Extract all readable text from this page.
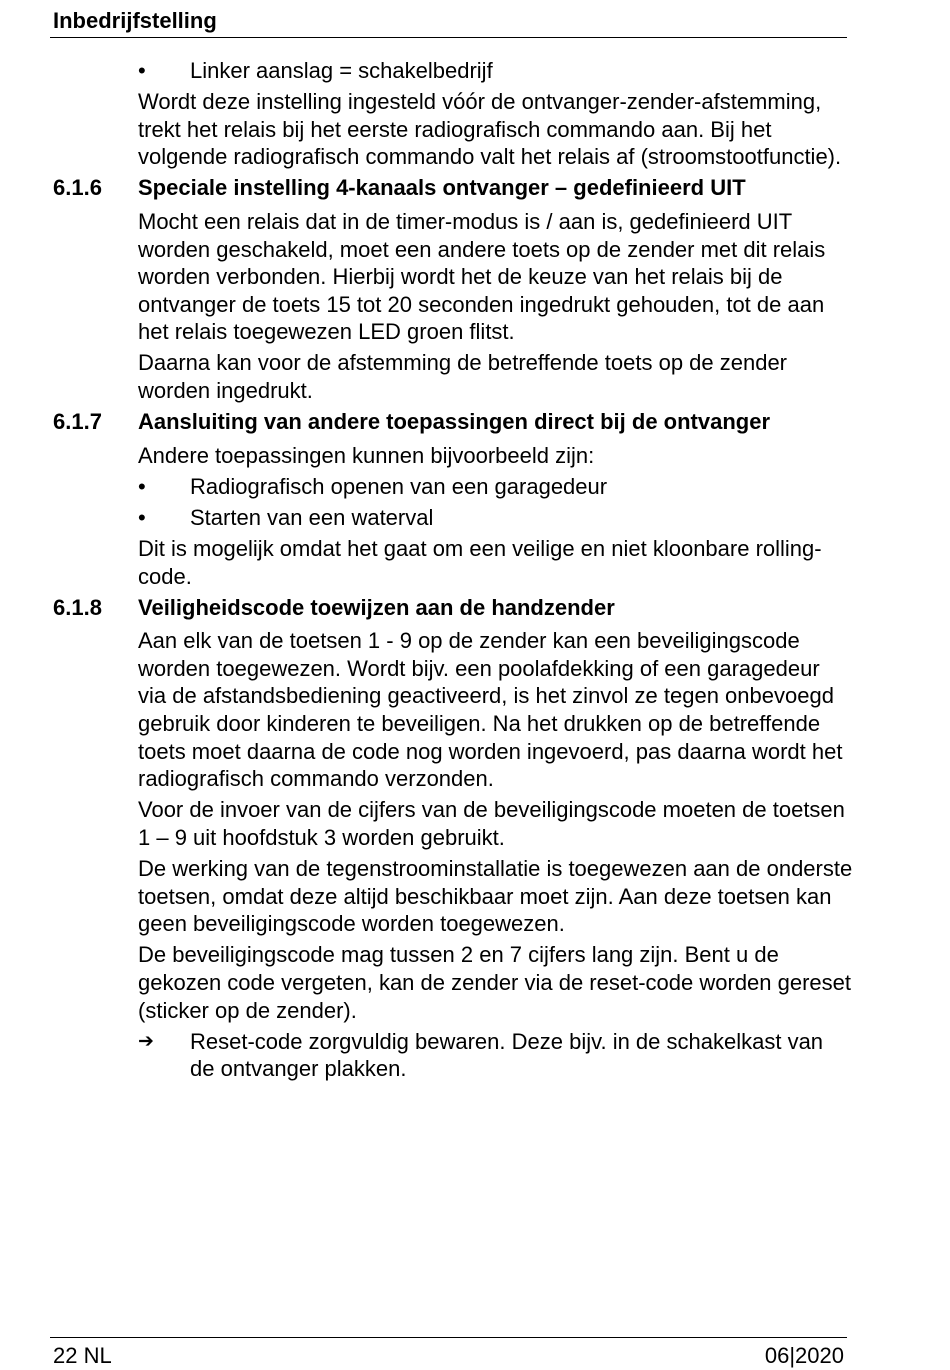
Inbedrijfstelling
• Linker aanslag = schakelbedrijf

Wordt deze instelling ingesteld vóór de ontvanger-zender-afstemming, trekt het relais bij het eerste radiografisch commando aan. Bij het volgende radiografisch commando valt het relais af (stroomstootfunctie).

6.1.6 Speciale instelling 4-kanaals ontvanger – gedefinieerd UIT

Mocht een relais dat in de timer-modus is / aan is, gedefinieerd UIT worden geschakeld, moet een andere toets op de zender met dit relais worden verbonden. Hierbij wordt het de keuze van het relais bij de ontvanger de toets 15 tot 20 seconden ingedrukt gehouden, tot de aan het relais toegewezen LED groen flitst.

Daarna kan voor de afstemming de betreffende toets op de zender worden ingedrukt.

6.1.7 Aansluiting van andere toepassingen direct bij de ontvanger

Andere toepassingen kunnen bijvoorbeeld zijn:

• Radiografisch openen van een garagedeur
• Starten van een waterval

Dit is mogelijk omdat het gaat om een veilige en niet kloonbare rolling-code.

6.1.8 Veiligheidscode toewijzen aan de handzender

Aan elk van de toetsen 1 - 9 op de zender kan een beveiligingscode worden toegewezen. Wordt bijv. een poolafdekking of een garagedeur via de afstandsbediening geactiveerd, is het zinvol ze tegen onbevoegd gebruik door kinderen te beveiligen. Na het drukken op de betreffende toets moet daarna de code nog worden ingevoerd, pas daarna wordt het radiografisch commando verzonden.

Voor de invoer van de cijfers van de beveiligingscode moeten de toetsen 1 – 9 uit hoofdstuk 3 worden gebruikt.

De werking van de tegenstroominstallatie is toegewezen aan de onderste toetsen, omdat deze altijd beschikbaar moet zijn. Aan deze toetsen kan geen beveiligingscode worden toegewezen.

De beveiligingscode mag tussen 2 en 7 cijfers lang zijn. Bent u de gekozen code vergeten, kan de zender via de reset-code worden gereset (sticker op de zender).

➔ Reset-code zorgvuldig bewaren. Deze bijv. in de schakelkast van de ontvanger plakken.
22 NL	06|2020
